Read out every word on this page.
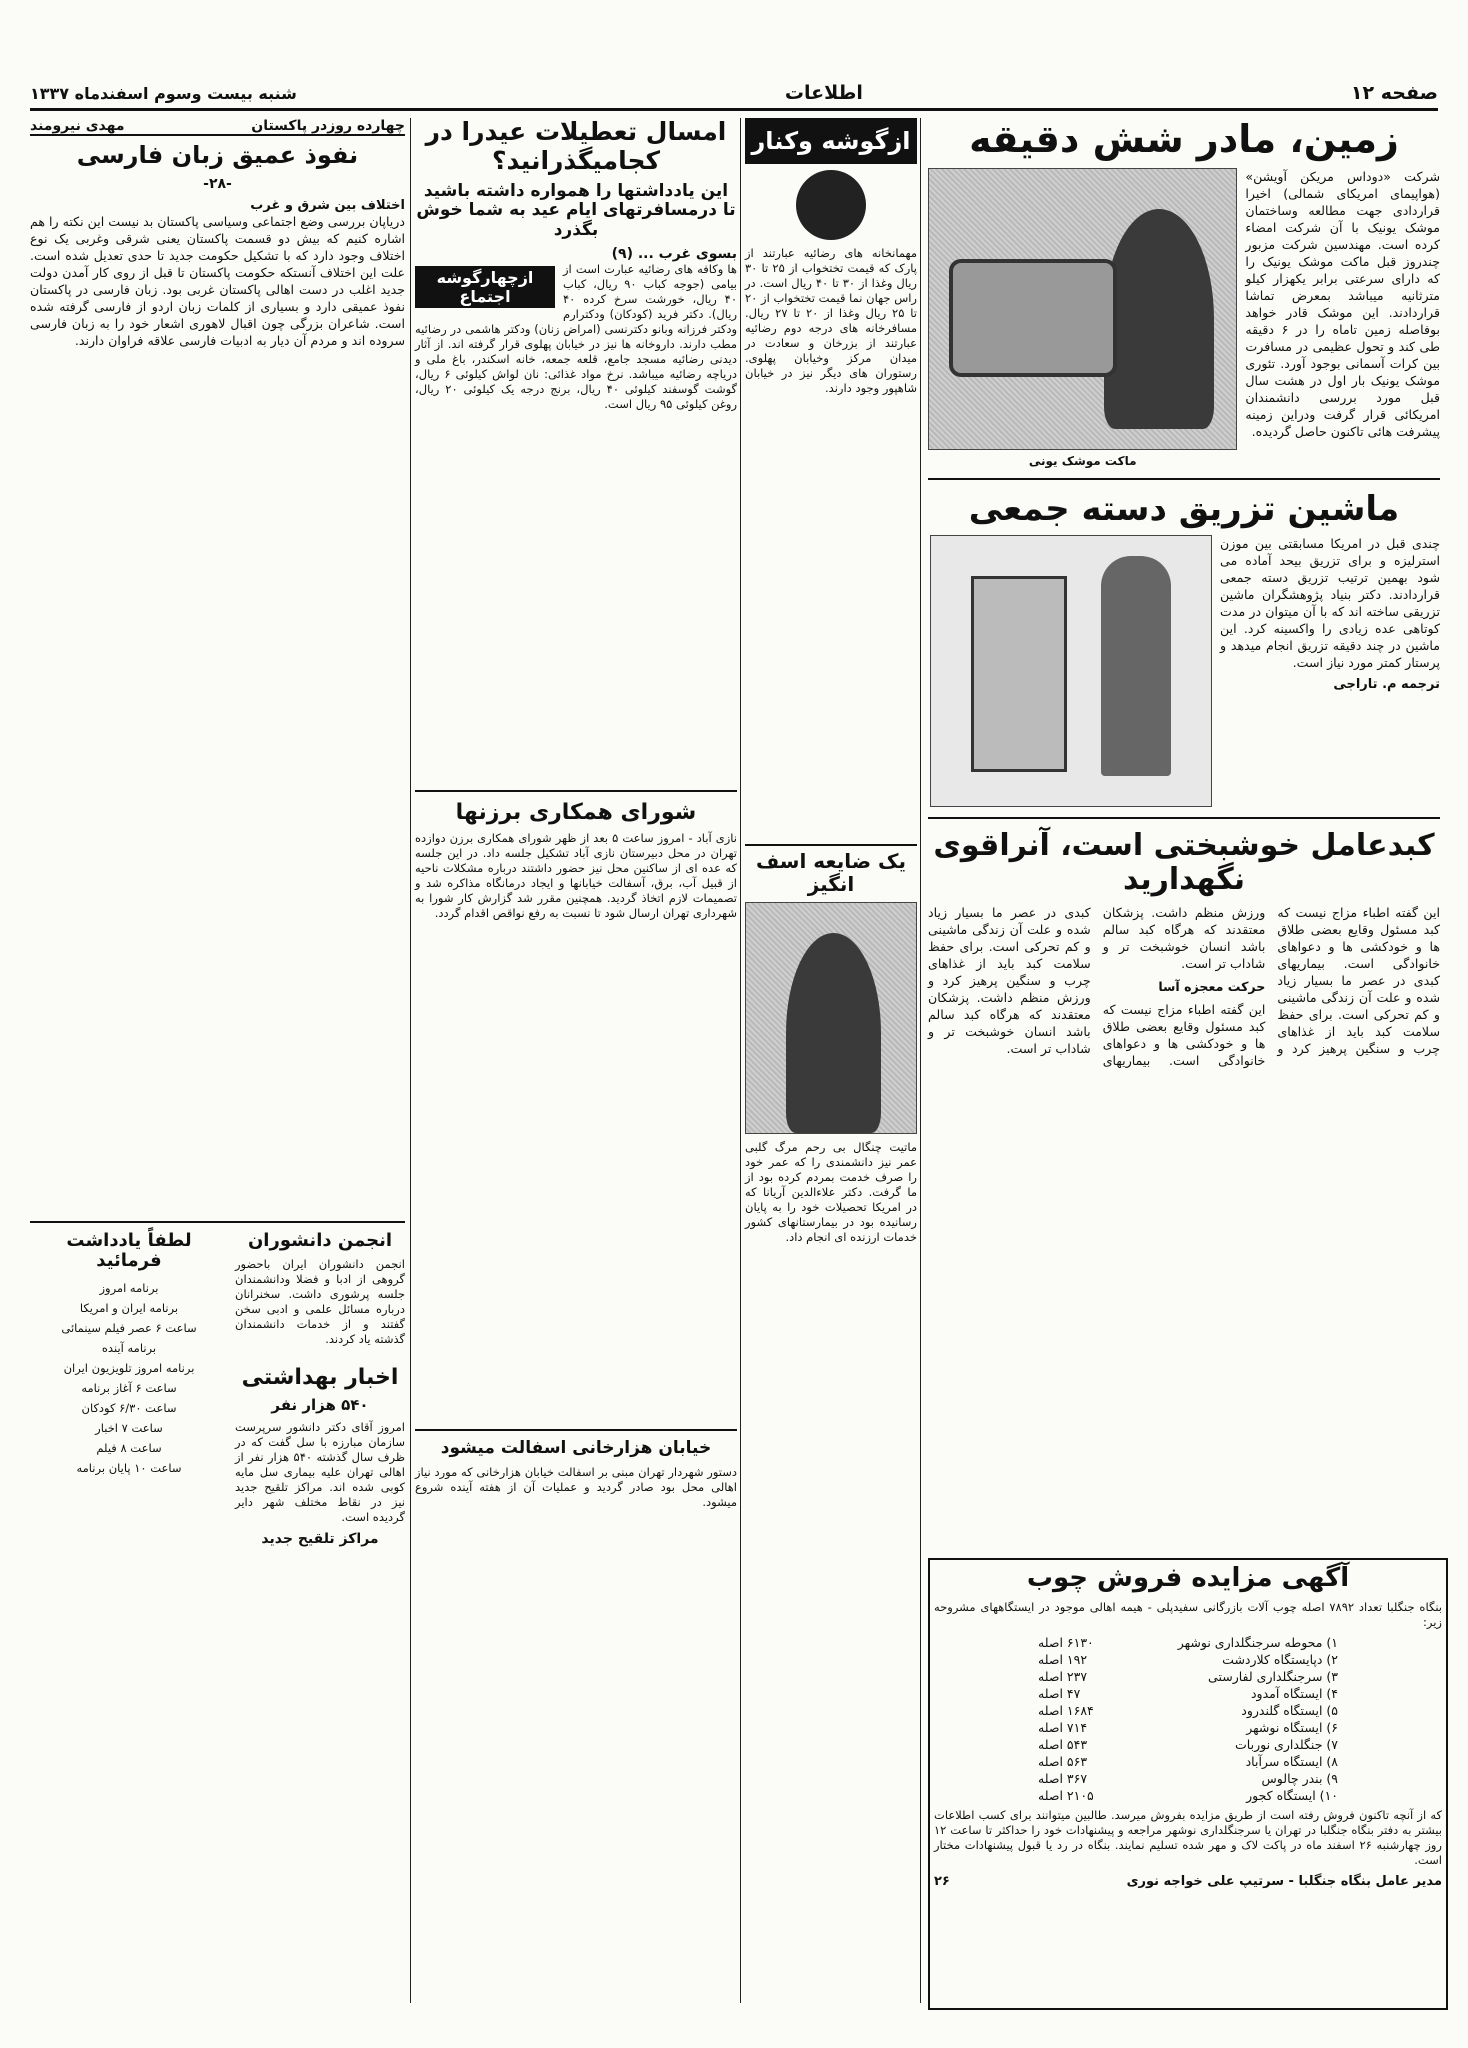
صفحه ۱۲
اطلاعات
شنبه بیست وسوم اسفندماه ۱۳۳۷
زمین، مادر شش دقیقه
شرکت «دوداس مریکن آویشن» (هواپیمای امریکای شمالی) اخیرا قراردادی جهت مطالعه وساختمان موشک یونیک با آن شرکت امضاء کرده است. مهندسین شرکت مزبور چندروز قبل ماکت موشک یونیک را که دارای سرعتی برابر یکهزار کیلو مترثانیه میباشد بمعرض تماشا قراردادند. این موشک قادر خواهد بوفاصله زمین تاماه را در ۶ دقیقه طی کند و تحول عظیمی در مسافرت بین کرات آسمانی بوجود آورد. تئوری موشک یونیک بار اول در هشت سال قبل مورد بررسی دانشمندان امریکائی قرار گرفت ودراین زمینه پیشرفت هائی تاکنون حاصل گردیده.
ماکت موشک یونی
ماشین تزریق دسته جمعی
چندی قبل در امریکا مسابقتی بین موزن استرلیزه و برای تزریق بیحد آماده می شود بهمین ترتیب تزریق دسته جمعی قراردادند. دکتر بنیاد پژوهشگران ماشین تزریقی ساخته اند که با آن میتوان در مدت کوتاهی عده زیادی را واکسینه کرد. این ماشین در چند دقیقه تزریق انجام میدهد و پرستار کمتر مورد نیاز است.
ترجمه م. تاراجی
کبدعامل خوشبختی است، آنراقوی نگهدارید
این گفته اطباء مزاج نیست که کبد مسئول وقایع بعضی طلاق ها و خودکشی ها و دعواهای خانوادگی است. بیماریهای کبدی در عصر ما بسیار زیاد شده و علت آن زندگی ماشینی و کم تحرکی است. برای حفظ سلامت کبد باید از غذاهای چرب و سنگین پرهیز کرد و ورزش منظم داشت. پزشکان معتقدند که هرگاه کبد سالم باشد انسان خوشبخت تر و شاداب تر است.
حرکت معجزه آسا
این گفته اطباء مزاج نیست که کبد مسئول وقایع بعضی طلاق ها و خودکشی ها و دعواهای خانوادگی است. بیماریهای کبدی در عصر ما بسیار زیاد شده و علت آن زندگی ماشینی و کم تحرکی است. برای حفظ سلامت کبد باید از غذاهای چرب و سنگین پرهیز کرد و ورزش منظم داشت. پزشکان معتقدند که هرگاه کبد سالم باشد انسان خوشبخت تر و شاداب تر است.
آگهی مزایده فروش چوب
بنگاه جنگلبا تعداد ۷۸۹۲ اصله چوب آلات بازرگانی سفیدپلی - هیمه اهالی موجود در ایستگاههای مشروحه زیر:
۱) محوطه سرجنگلداری نوشهر
۶۱۳۰ اصله
۲) دپایستگاه کلاردشت
۱۹۲ اصله
۳) سرجنگلداری لفارستی
۲۳۷ اصله
۴) ایستگاه آمدود
۴۷ اصله
۵) ایستگاه گلندرود
۱۶۸۴ اصله
۶) ایستگاه نوشهر
۷۱۴ اصله
۷) جنگلداری نوربات
۵۴۳ اصله
۸) ایستگاه سرآباد
۵۶۳ اصله
۹) بندر چالوس
۳۶۷ اصله
۱۰) ایستگاه کجور
۲۱۰۵ اصله
که از آنچه تاکنون فروش رفته است از طریق مزایده بفروش میرسد. طالبین میتوانند برای کسب اطلاعات بیشتر به دفتر بنگاه جنگلبا در تهران یا سرجنگلداری نوشهر مراجعه و پیشنهادات خود را حداکثر تا ساعت ۱۲ روز چهارشنبه ۲۶ اسفند ماه در پاکت لاک و مهر شده تسلیم نمایند. بنگاه در رد یا قبول پیشنهادات مختار است.
مدیر عامل بنگاه جنگلبا - سرتیپ علی خواجه نوری
۲۶
ازگوشه وکنار
مهمانخانه های رضائیه عبارتند از پارک که قیمت تختخواب از ۲۵ تا ۳۰ ریال وغذا از ۳۰ تا ۴۰ ریال است. در راس جهان نما قیمت تختخواب از ۲۰ تا ۲۵ ریال وغذا از ۲۰ تا ۲۷ ریال. مسافرخانه های درجه دوم رضائیه عبارتند از بزرخان و سعادت در میدان مرکز وخیابان پهلوی. رستوران های دیگر نیز در خیابان شاهپور وجود دارند.
یک ضایعه اسف انگیز
ماتیت چنگال بی رحم مرگ گلبی عمر نیز دانشمندی را که عمر خود را صرف خدمت بمردم کرده بود از ما گرفت. دکتر علاءالدین آریانا که در امریکا تحصیلات خود را به پایان رسانیده بود در بیمارستانهای کشور خدمات ارزنده ای انجام داد.
امسال تعطیلات عیدرا در کجامیگذرانید؟
این یادداشتها را همواره داشته باشید تا درمسافرتهای ایام عید به شما خوش بگذرد
بسوی غرب ... (۹)
ازچهارگوشه اجتماع
ها وکافه های رضائیه عبارت است از بیامی (جوجه کباب ۹۰ ریال، کباب ۴۰ ریال، خورشت سرخ کرده ۴۰ ریال). دکتر فرید (کودکان) ودکترارم ودکتر فرزانه وبانو دکترنسی (امراض زنان) ودکتر هاشمی در رضائیه مطب دارند. داروخانه ها نیز در خیابان پهلوی قرار گرفته اند. از آثار دیدنی رضائیه مسجد جامع، قلعه جمعه، خانه اسکندر، باغ ملی و دریاچه رضائیه میباشد. نرخ مواد غذائی: نان لواش کیلوئی ۶ ریال، گوشت گوسفند کیلوئی ۴۰ ریال، برنج درجه یک کیلوئی ۲۰ ریال، روغن کیلوئی ۹۵ ریال است.
شورای همکاری برزنها
نازی آباد - امروز ساعت ۵ بعد از ظهر شورای همکاری برزن دوازده تهران در محل دبیرستان نازی آباد تشکیل جلسه داد. در این جلسه که عده ای از ساکنین محل نیز حضور داشتند درباره مشکلات ناحیه از قبیل آب، برق، آسفالت خیابانها و ایجاد درمانگاه مذاکره شد و تصمیمات لازم اتخاذ گردید. همچنین مقرر شد گزارش کار شورا به شهرداری تهران ارسال شود تا نسبت به رفع نواقص اقدام گردد.
خیابان هزارخانی اسفالت میشود
دستور شهردار تهران مبنی بر اسفالت خیابان هزارخانی که مورد نیاز اهالی محل بود صادر گردید و عملیات آن از هفته آینده شروع میشود.
چهارده روزدر پاکستان
مهدی نیرومند
نفوذ عمیق زبان فارسی
-۲۸-
اختلاف بین شرق و غرب
دریاپان بررسی وضع اجتماعی وسیاسی پاکستان بد نیست این نکته را هم اشاره کنیم که بیش دو قسمت پاکستان یعنی شرقی وغربی یک نوع اختلاف وجود دارد که با تشکیل حکومت جدید تا حدی تعدیل شده است. علت این اختلاف آنستکه حکومت پاکستان تا قبل از روی کار آمدن دولت جدید اغلب در دست اهالی پاکستان غربی بود. زبان فارسی در پاکستان نفوذ عمیقی دارد و بسیاری از کلمات زبان اردو از فارسی گرفته شده است. شاعران بزرگی چون اقبال لاهوری اشعار خود را به زبان فارسی سروده اند و مردم آن دیار به ادبیات فارسی علاقه فراوان دارند.
انجمن دانشوران
انجمن دانشوران ایران باحضور گروهی از ادبا و فضلا ودانشمندان جلسه پرشوری داشت. سخنرانان درباره مسائل علمی و ادبی سخن گفتند و از خدمات دانشمندان گذشته یاد کردند.
اخبار بهداشتی
۵۴۰ هزار نفر
امروز آقای دکتر دانشور سرپرست سازمان مبارزه با سل گفت که در ظرف سال گذشته ۵۴۰ هزار نفر از اهالی تهران علیه بیماری سل مایه کوبی شده اند. مراکز تلقیح جدید نیز در نقاط مختلف شهر دایر گردیده است.
مراکز تلقیح جدید
لطفاً یادداشت فرمائید
برنامه امروز
برنامه ایران و امریکا
ساعت ۶ عصر فیلم سینمائی
برنامه آینده
برنامه امروز تلویزیون ایران
ساعت ۶ آغاز برنامه
ساعت ۶/۳۰ کودکان
ساعت ۷ اخبار
ساعت ۸ فیلم
ساعت ۱۰ پایان برنامه
